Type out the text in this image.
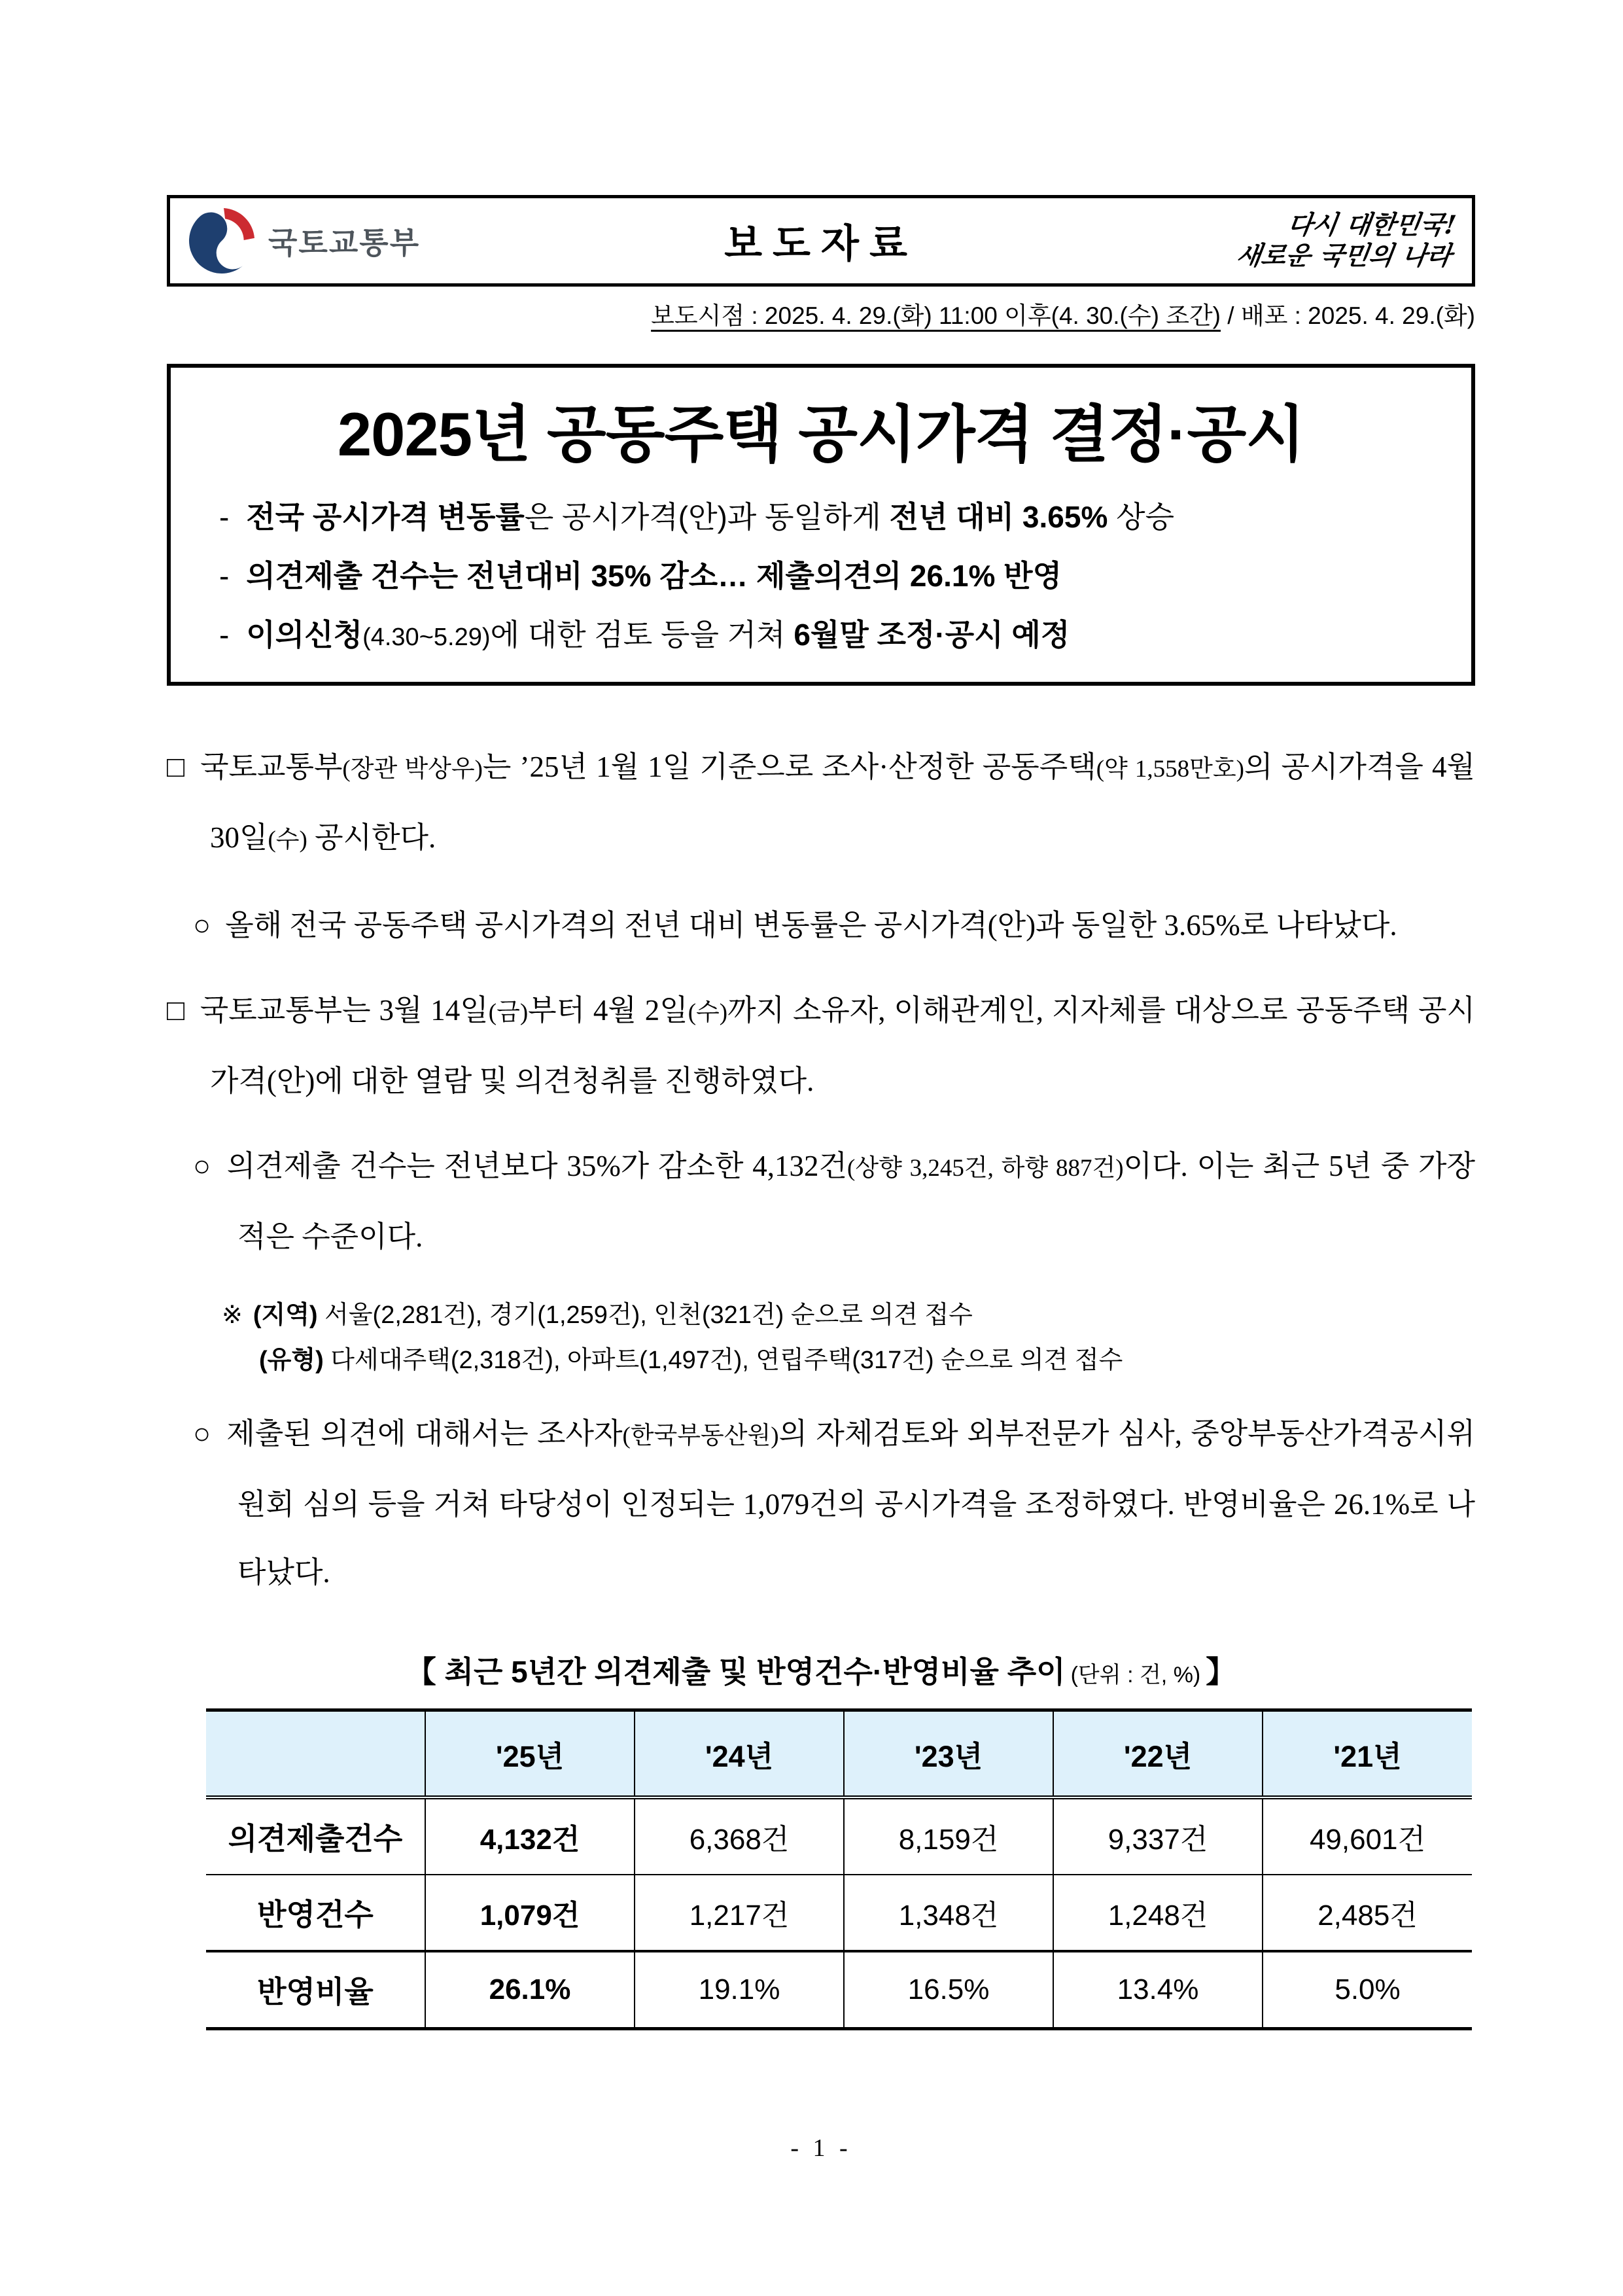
국토교통부	보도자료	다시 대한민국!
새로운 국민의 나라
보도시점 : 2025. 4. 29.(화) 11:00 이후(4. 30.(수) 조간) / 배포 : 2025. 4. 29.(화)
2025년 공동주택 공시가격 결정·공시

- 전국 공시가격 변동률은 공시가격(안)과 동일하게 전년 대비 3.65% 상승

- 의견제출 건수는 전년대비 35% 감소… 제출의견의 26.1% 반영

- 이의신청(4.30~5.29)에 대한 검토 등을 거쳐 6월말 조정·공시 예정

□ 국토교통부(장관 박상우)는 ’25년 1월 1일 기준으로 조사·산정한 공동주택(약 1,558만호)의 공시가격을 4월 30일(수) 공시한다.

○ 올해 전국 공동주택 공시가격의 전년 대비 변동률은 공시가격(안)과 동일한 3.65%로 나타났다.

□ 국토교통부는 3월 14일(금)부터 4월 2일(수)까지 소유자, 이해관계인, 지자체를 대상으로 공동주택 공시가격(안)에 대한 열람 및 의견청취를 진행하였다.

○ 의견제출 건수는 전년보다 35%가 감소한 4,132건(상향 3,245건, 하향 887건)이다. 이는 최근 5년 중 가장 적은 수준이다.

※ (지역) 서울(2,281건), 경기(1,259건), 인천(321건) 순으로 의견 접수
(유형) 다세대주택(2,318건), 아파트(1,497건), 연립주택(317건) 순으로 의견 접수

○ 제출된 의견에 대해서는 조사자(한국부동산원)의 자체검토와 외부전문가 심사, 중앙부동산가격공시위원회 심의 등을 거쳐 타당성이 인정되는 1,079건의 공시가격을 조정하였다. 반영비율은 26.1%로 나타났다.

【 최근 5년간 의견제출 및 반영건수·반영비율 추이 (단위 : 건, %) 】
	'25년	'24년	'23년	'22년	'21년
의견제출건수	4,132건	6,368건	8,159건	9,337건	49,601건
반영건수	1,079건	1,217건	1,348건	1,248건	2,485건
반영비율	26.1%	19.1%	16.5%	13.4%	5.0%
- 1 -
